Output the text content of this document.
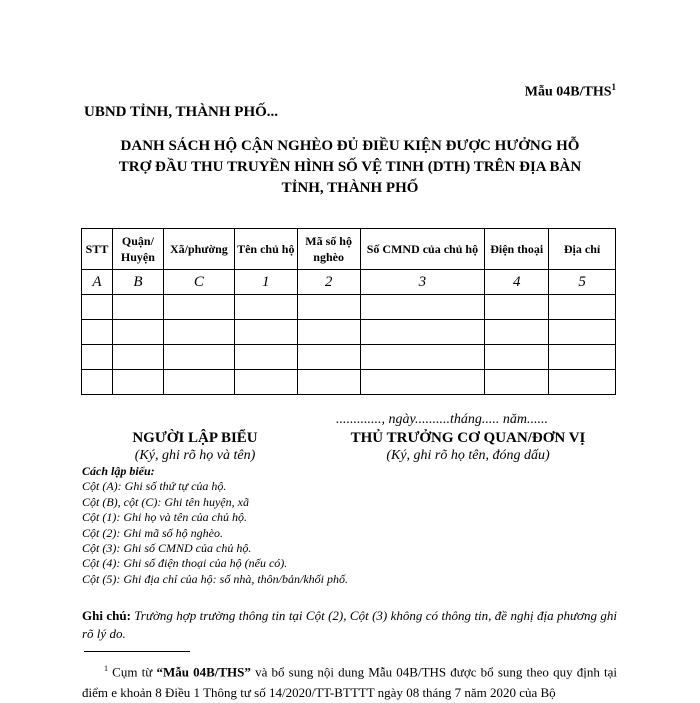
Mẫu 04B/THS$^1$
UBND TỈNH, THÀNH PHỐ...
DANH SÁCH HỘ CẬN NGHÈO ĐỦ ĐIỀU KIỆN ĐƯỢC HƯỞNG HỖ
TRỢ ĐẦU THU TRUYỀN HÌNH SỐ VỆ TINH (DTH) TRÊN ĐỊA BÀN
TỈNH, THÀNH PHỐ
STT	Quận/ Huyện	Xã/phường	Tên chủ hộ	Mã số hộ nghèo	Số CMND của chủ hộ	Điện thoại	Địa chỉ
A	B	C	1	2	3	4	5

............., ngày..........tháng..... năm......
NGƯỜI LẬP BIỂU
(Ký, ghi rõ họ và tên)
THỦ TRƯỞNG CƠ QUAN/ĐƠN VỊ
(Ký, ghi rõ họ tên, đóng dấu)
Cách lập biểu:
Cột (A): Ghi số thứ tự của hộ.
Cột (B), cột (C): Ghi tên huyện, xã
Cột (1): Ghi họ và tên của chủ hộ.
Cột (2): Ghi mã số hộ nghèo.
Cột (3): Ghi số CMND của chủ hộ.
Cột (4): Ghi số điện thoại của hộ (nếu có).
Cột (5): Ghi địa chỉ của hộ: số nhà, thôn/bản/khối phố.
Ghi chú: Trường hợp trường thông tin tại Cột (2), Cột (3) không có thông tin, đề nghị địa phương ghi rõ lý do.
$^1$ Cụm từ “Mẫu 04B/THS” và bổ sung nội dung Mẫu 04B/THS được bổ sung theo quy định tại điểm e khoản 8 Điều 1 Thông tư số 14/2020/TT-BTTTT ngày 08 tháng 7 năm 2020 của Bộ
